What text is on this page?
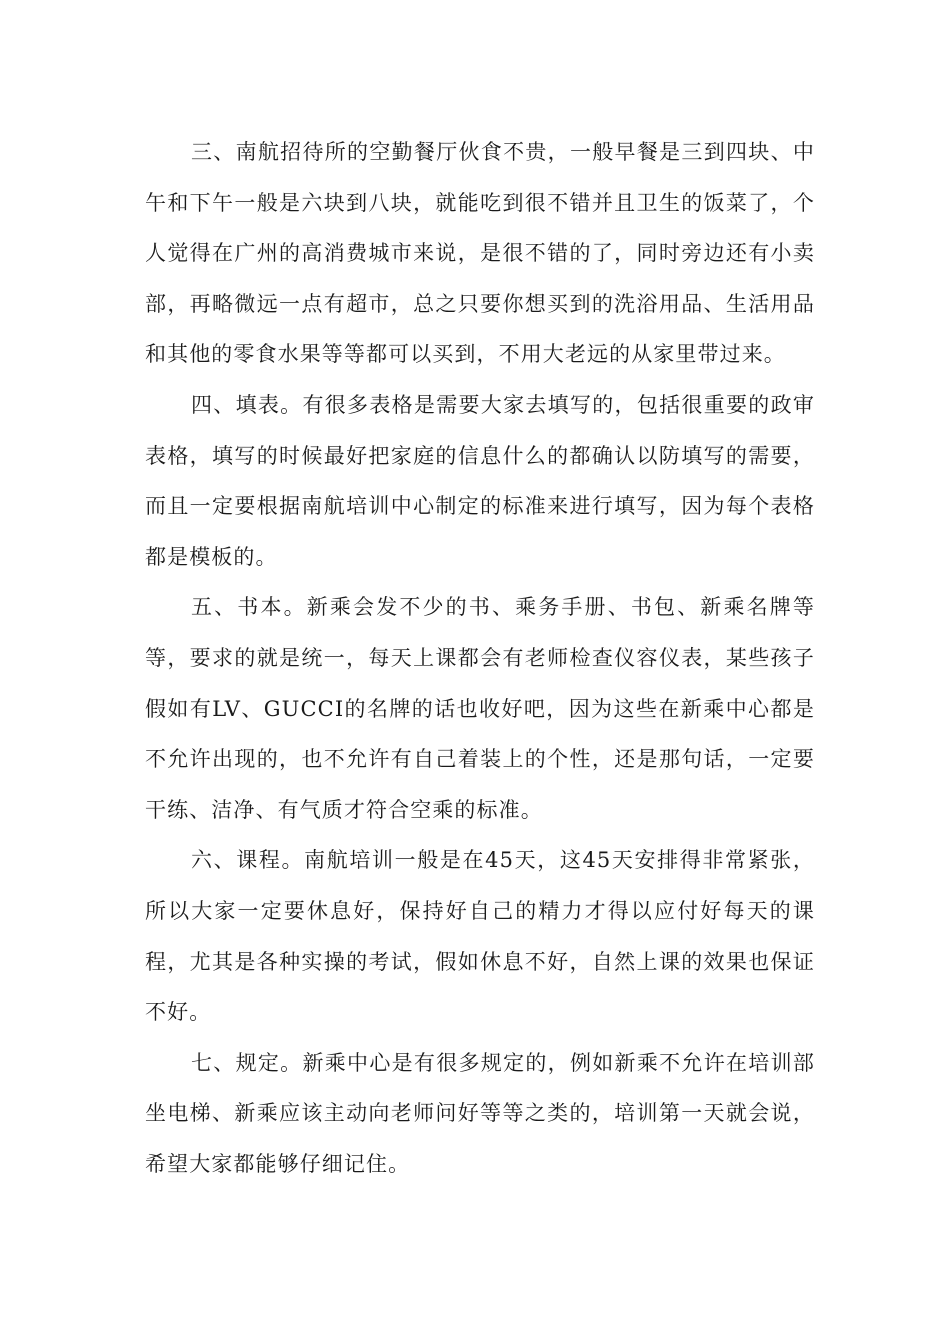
三、南航招待所的空勤餐厅伙食不贵，一般早餐是三到四块、中午和下午一般是六块到八块，就能吃到很不错并且卫生的饭菜了，个人觉得在广州的高消费城市来说，是很不错的了，同时旁边还有小卖部，再略微远一点有超市，总之只要你想买到的洗浴用品、生活用品和其他的零食水果等等都可以买到，不用大老远的从家里带过来。

四、填表。有很多表格是需要大家去填写的，包括很重要的政审表格，填写的时候最好把家庭的信息什么的都确认以防填写的需要，而且一定要根据南航培训中心制定的标准来进行填写，因为每个表格都是模板的。

五、书本。新乘会发不少的书、乘务手册、书包、新乘名牌等等，要求的就是统一，每天上课都会有老师检查仪容仪表，某些孩子假如有LV、GUCCI的名牌的话也收好吧，因为这些在新乘中心都是不允许出现的，也不允许有自己着装上的个性，还是那句话，一定要干练、洁净、有气质才符合空乘的标准。

六、课程。南航培训一般是在45天，这45天安排得非常紧张，所以大家一定要休息好，保持好自己的精力才得以应付好每天的课程，尤其是各种实操的考试，假如休息不好，自然上课的效果也保证不好。

七、规定。新乘中心是有很多规定的，例如新乘不允许在培训部坐电梯、新乘应该主动向老师问好等等之类的，培训第一天就会说，希望大家都能够仔细记住。
